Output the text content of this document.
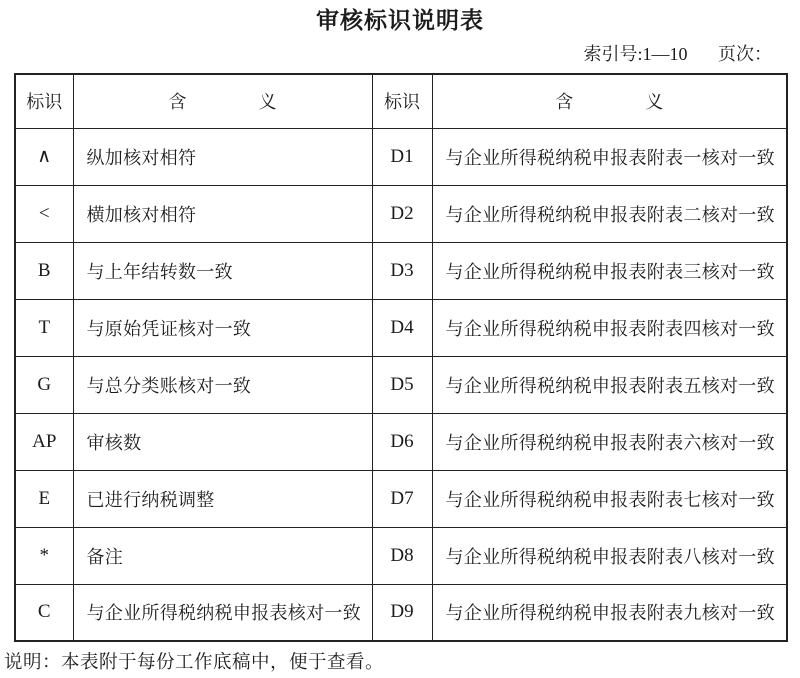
审核标识说明表
索引号:1—10 页次：
标识	含　　　　义	标识	含　　　　义
∧	纵加核对相符	D1	与企业所得税纳税申报表附表一核对一致
<	横加核对相符	D2	与企业所得税纳税申报表附表二核对一致
B	与上年结转数一致	D3	与企业所得税纳税申报表附表三核对一致
T	与原始凭证核对一致	D4	与企业所得税纳税申报表附表四核对一致
G	与总分类账核对一致	D5	与企业所得税纳税申报表附表五核对一致
AP	审核数	D6	与企业所得税纳税申报表附表六核对一致
E	已进行纳税调整	D7	与企业所得税纳税申报表附表七核对一致
*	备注	D8	与企业所得税纳税申报表附表八核对一致
C	与企业所得税纳税申报表核对一致	D9	与企业所得税纳税申报表附表九核对一致
说明：本表附于每份工作底稿中，便于查看。
